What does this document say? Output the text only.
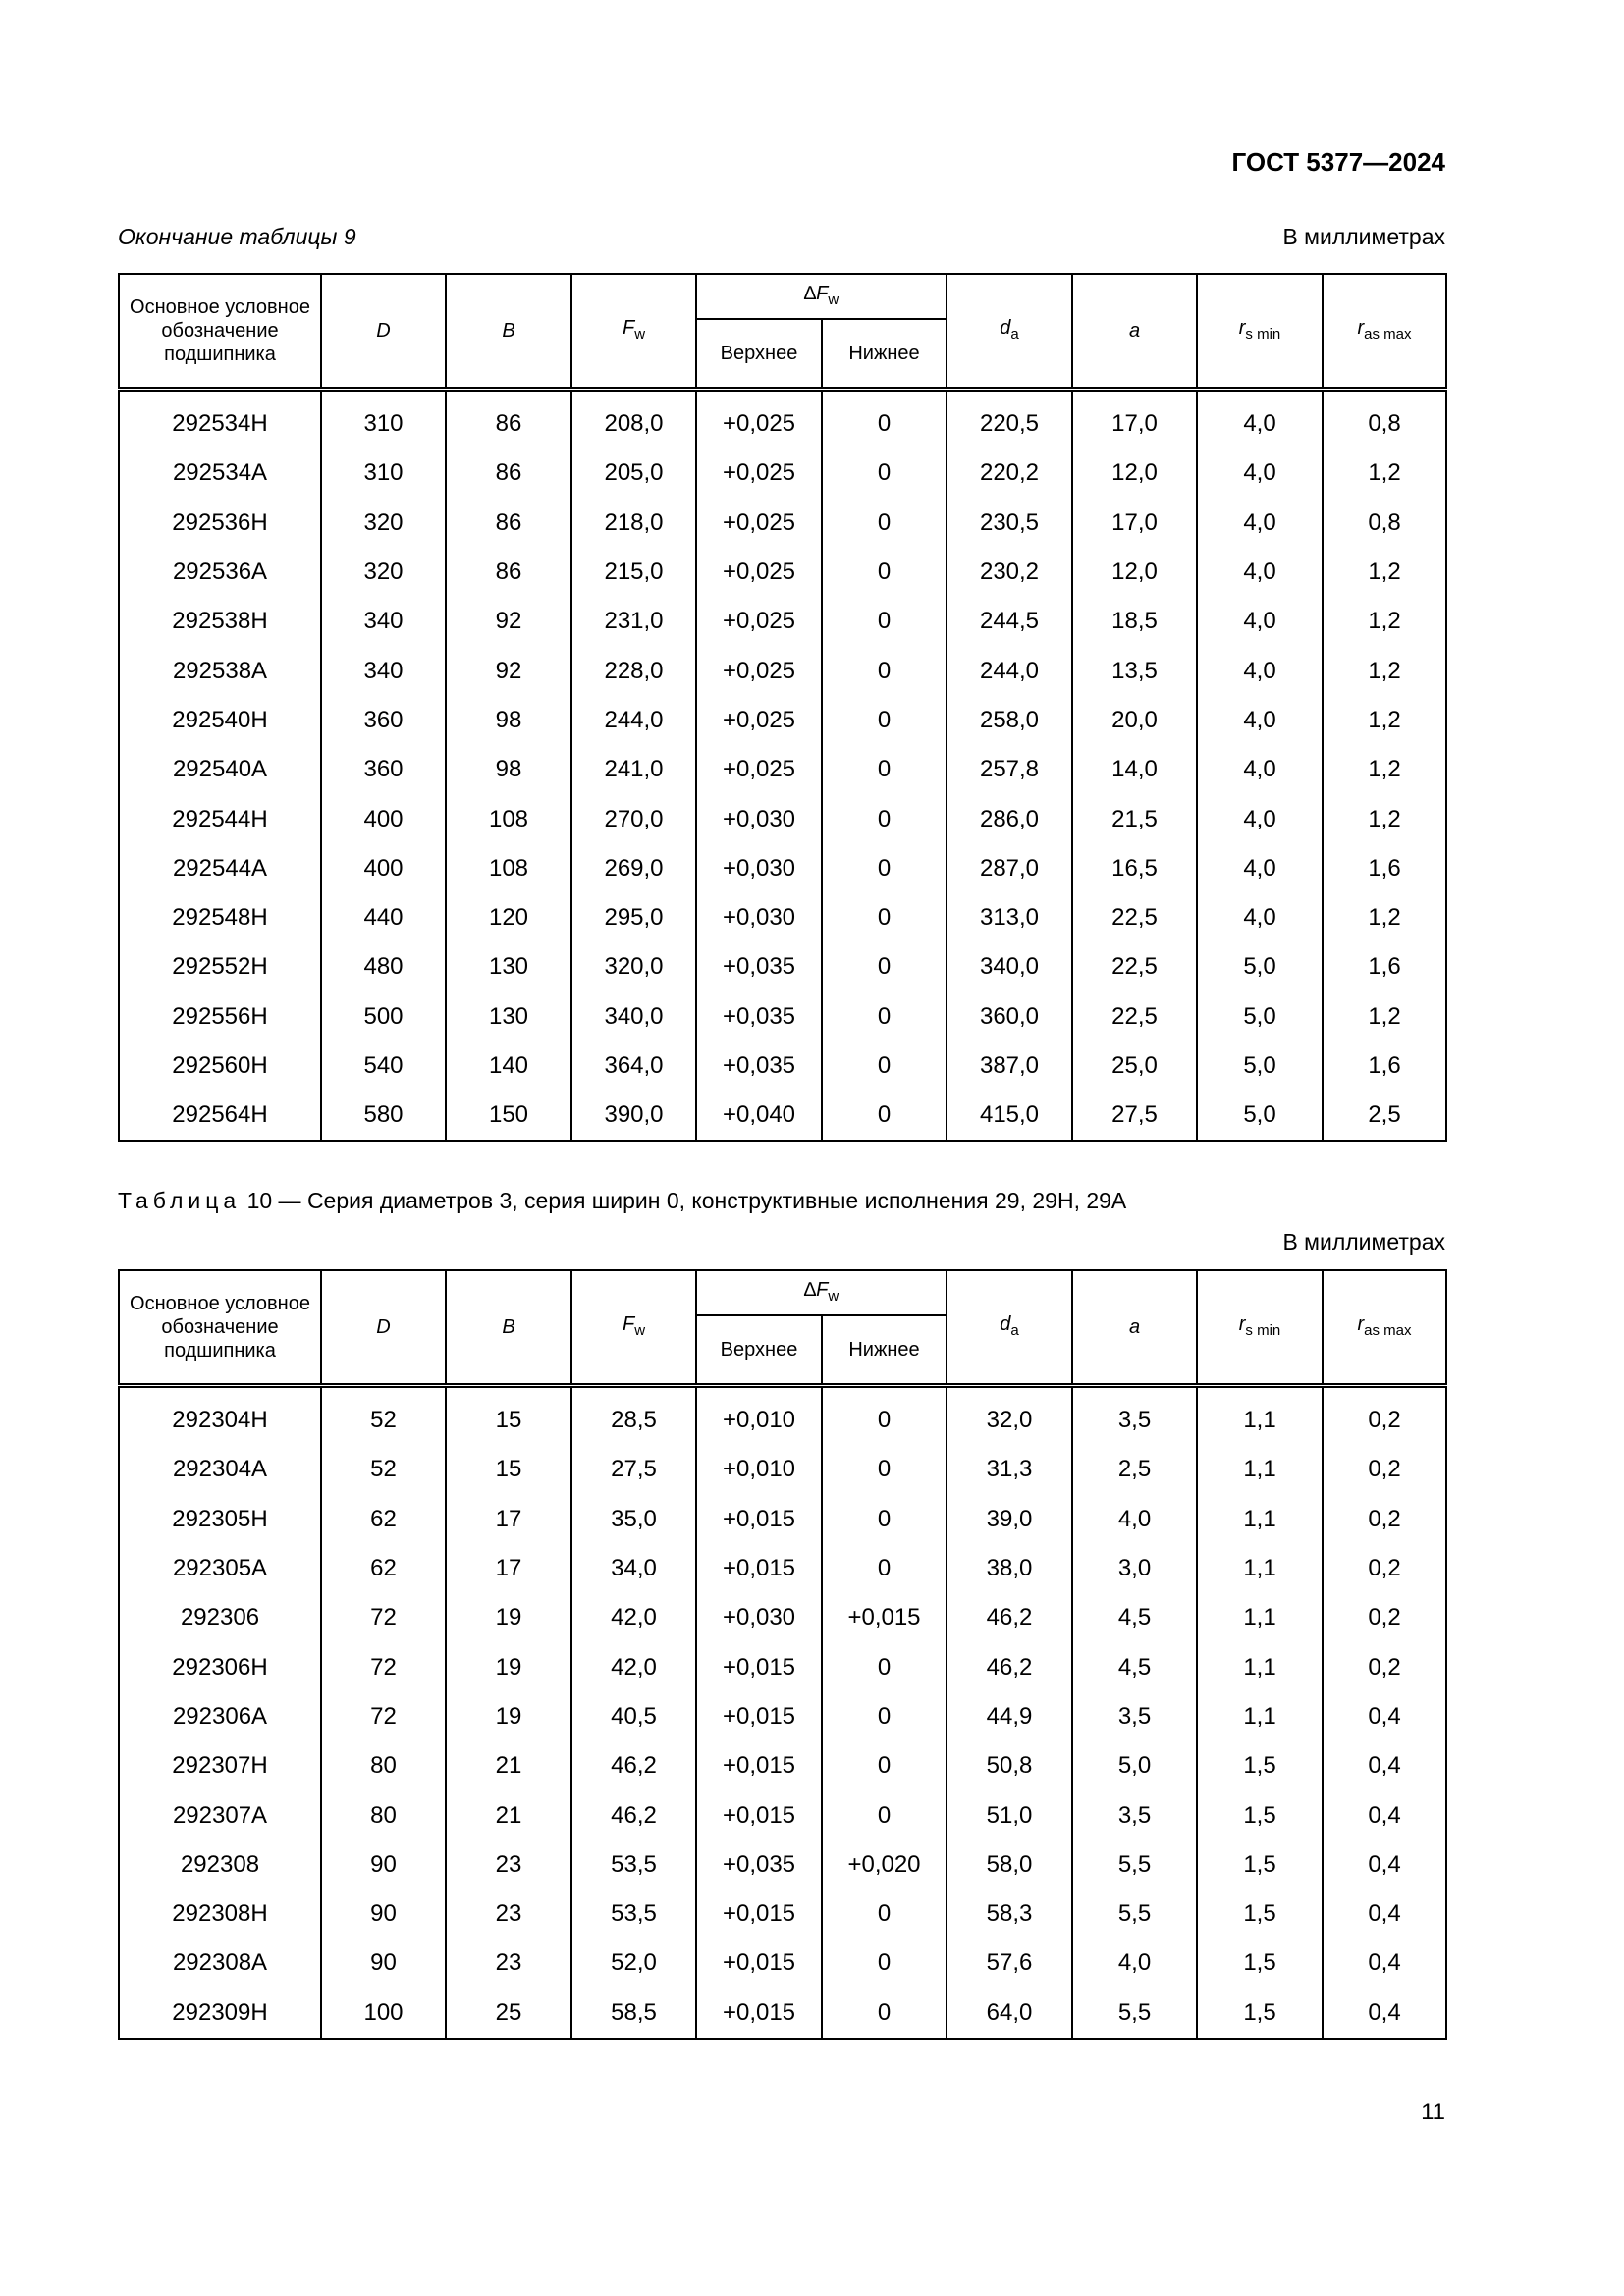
ГОСТ 5377—2024
Окончание таблицы 9	В миллиметрах
Основное условное обозначение подшипника	D	B	$F_w$	$\Delta F_w$		$d_a$	a	$r_{s min}$	$r_{as max}$
				Верхнее	Нижнее				
292534Н	310	86	208,0	+0,025	0	220,5	17,0	4,0	0,8
292534А	310	86	205,0	+0,025	0	220,2	12,0	4,0	1,2
292536Н	320	86	218,0	+0,025	0	230,5	17,0	4,0	0,8
292536А	320	86	215,0	+0,025	0	230,2	12,0	4,0	1,2
292538Н	340	92	231,0	+0,025	0	244,5	18,5	4,0	1,2
292538А	340	92	228,0	+0,025	0	244,0	13,5	4,0	1,2
292540Н	360	98	244,0	+0,025	0	258,0	20,0	4,0	1,2
292540А	360	98	241,0	+0,025	0	257,8	14,0	4,0	1,2
292544Н	400	108	270,0	+0,030	0	286,0	21,5	4,0	1,2
292544А	400	108	269,0	+0,030	0	287,0	16,5	4,0	1,6
292548Н	440	120	295,0	+0,030	0	313,0	22,5	4,0	1,2
292552Н	480	130	320,0	+0,035	0	340,0	22,5	5,0	1,6
292556Н	500	130	340,0	+0,035	0	360,0	22,5	5,0	1,2
292560Н	540	140	364,0	+0,035	0	387,0	25,0	5,0	1,6
292564Н	580	150	390,0	+0,040	0	415,0	27,5	5,0	2,5
Таблица 10 — Серия диаметров 3, серия ширин 0, конструктивные исполнения 29, 29Н, 29А
В миллиметрах
Основное условное обозначение подшипника	D	B	$F_w$	$\Delta F_w$		$d_a$	a	$r_{s min}$	$r_{as max}$
				Верхнее	Нижнее				
292304Н	52	15	28,5	+0,010	0	32,0	3,5	1,1	0,2
292304А	52	15	27,5	+0,010	0	31,3	2,5	1,1	0,2
292305Н	62	17	35,0	+0,015	0	39,0	4,0	1,1	0,2
292305А	62	17	34,0	+0,015	0	38,0	3,0	1,1	0,2
292306	72	19	42,0	+0,030	+0,015	46,2	4,5	1,1	0,2
292306Н	72	19	42,0	+0,015	0	46,2	4,5	1,1	0,2
292306А	72	19	40,5	+0,015	0	44,9	3,5	1,1	0,4
292307Н	80	21	46,2	+0,015	0	50,8	5,0	1,5	0,4
292307А	80	21	46,2	+0,015	0	51,0	3,5	1,5	0,4
292308	90	23	53,5	+0,035	+0,020	58,0	5,5	1,5	0,4
292308Н	90	23	53,5	+0,015	0	58,3	5,5	1,5	0,4
292308А	90	23	52,0	+0,015	0	57,6	4,0	1,5	0,4
292309Н	100	25	58,5	+0,015	0	64,0	5,5	1,5	0,4
11
